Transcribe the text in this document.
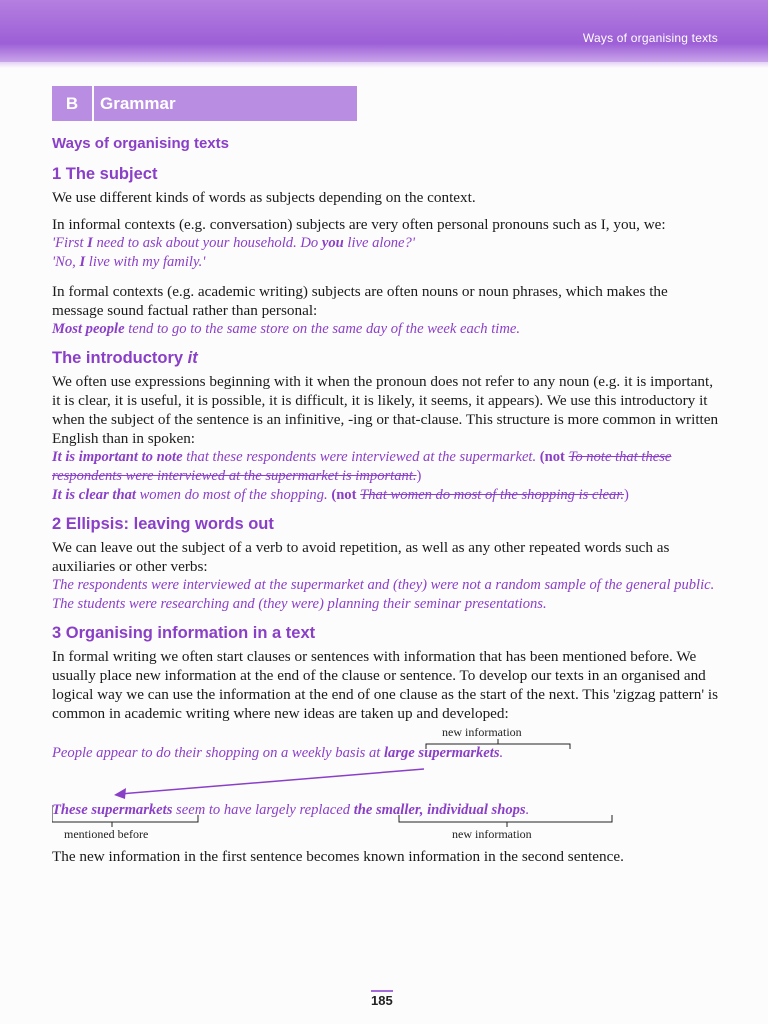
Ways of organising texts
B	Grammar

Ways of organising texts

1 The subject

We use different kinds of words as subjects depending on the context.

In informal contexts (e.g. conversation) subjects are very often personal pronouns such as I, you, we:

'First I need to ask about your household. Do you live alone?'

'No, I live with my family.'

In formal contexts (e.g. academic writing) subjects are often nouns or noun phrases, which makes the message sound factual rather than personal:

Most people tend to go to the same store on the same day of the week each time.

The introductory it

We often use expressions beginning with it when the pronoun does not refer to any noun (e.g. it is important, it is clear, it is useful, it is possible, it is difficult, it is likely, it seems, it appears). We use this introductory it when the subject of the sentence is an infinitive, -ing or that-clause. This structure is more common in written English than in spoken:

It is important to note that these respondents were interviewed at the supermarket. (not To note that these respondents were interviewed at the supermarket is important.)

It is clear that women do most of the shopping. (not That women do most of the shopping is clear.)

2 Ellipsis: leaving words out

We can leave out the subject of a verb to avoid repetition, as well as any other repeated words such as auxiliaries or other verbs:

The respondents were interviewed at the supermarket and (they) were not a random sample of the general public.

The students were researching and (they were) planning their seminar presentations.

3 Organising information in a text

In formal writing we often start clauses or sentences with information that has been mentioned before. We usually place new information at the end of the clause or sentence. To develop our texts in an organised and logical way we can use the information at the end of one clause as the start of the next. This 'zigzag pattern' is common in academic writing where new ideas are taken up and developed:

new information
People appear to do their shopping on a weekly basis at large supermarkets.
These supermarkets seem to have largely replaced the smaller, individual shops.
mentioned before	new information

The new information in the first sentence becomes known information in the second sentence.

185
